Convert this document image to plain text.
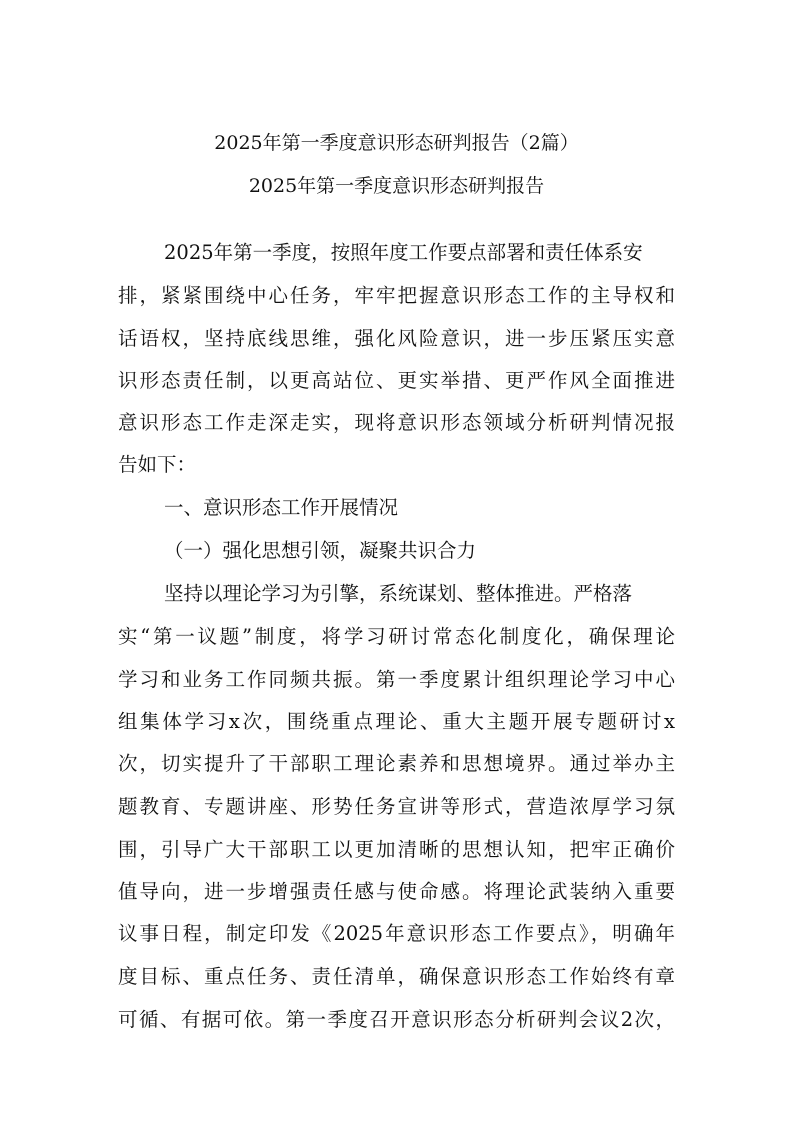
2025年第一季度意识形态研判报告（2篇）
2025年第一季度意识形态研判报告
2025年第一季度，按照年度工作要点部署和责任体系安
排，紧紧围绕中心任务，牢牢把握意识形态工作的主导权和
话语权，坚持底线思维，强化风险意识，进一步压紧压实意
识形态责任制，以更高站位、更实举措、更严作风全面推进
意识形态工作走深走实，现将意识形态领域分析研判情况报
告如下：
一、意识形态工作开展情况
（一）强化思想引领，凝聚共识合力
坚持以理论学习为引擎，系统谋划、整体推进。严格落
实“第一议题”制度，将学习研讨常态化制度化，确保理论
学习和业务工作同频共振。第一季度累计组织理论学习中心
组集体学习x次，围绕重点理论、重大主题开展专题研讨x
次，切实提升了干部职工理论素养和思想境界。通过举办主
题教育、专题讲座、形势任务宣讲等形式，营造浓厚学习氛
围，引导广大干部职工以更加清晰的思想认知，把牢正确价
值导向，进一步增强责任感与使命感。将理论武装纳入重要
议事日程，制定印发《2025年意识形态工作要点》，明确年
度目标、重点任务、责任清单，确保意识形态工作始终有章
可循、有据可依。第一季度召开意识形态分析研判会议2次，
